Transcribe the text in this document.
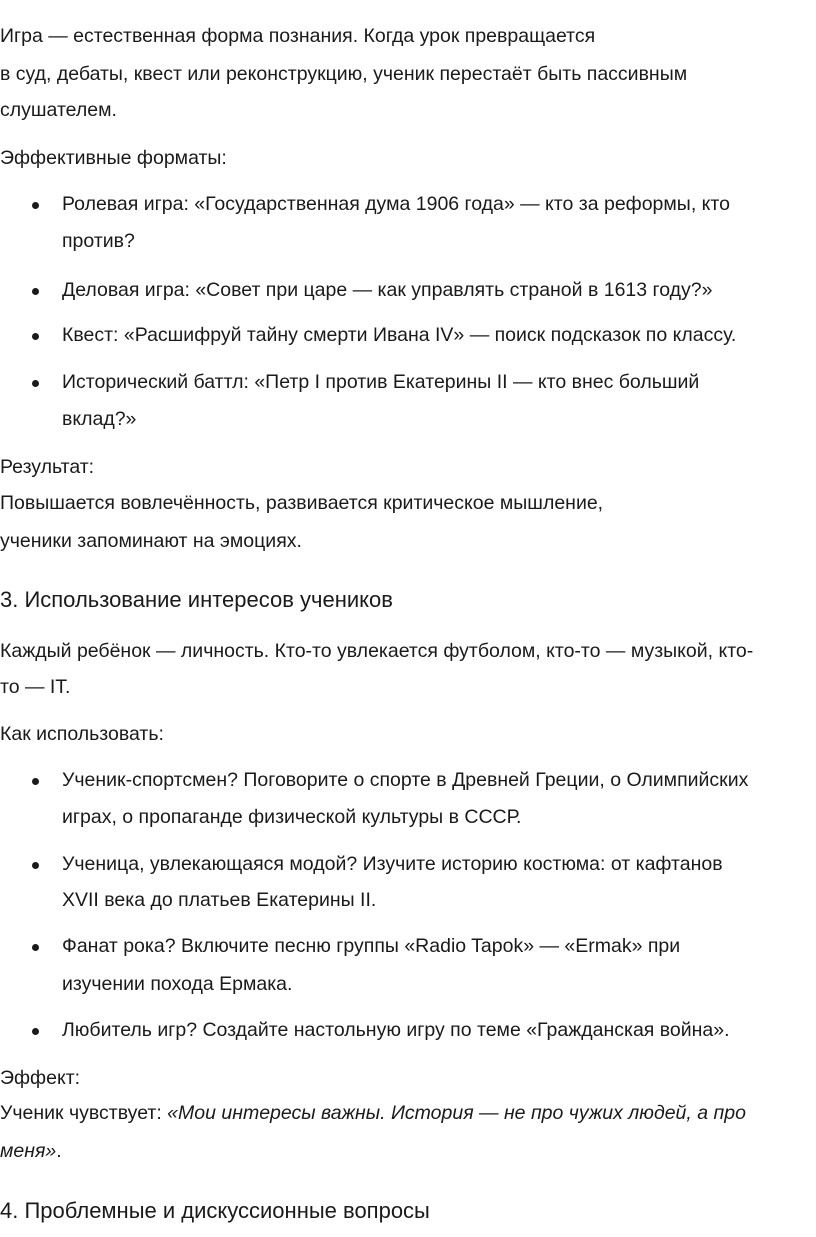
Игра — естественная форма познания. Когда урок превращается
в суд, дебаты, квест или реконструкцию, ученик перестаёт быть пассивным
слушателем.
Эффективные форматы:
Ролевая игра: «Государственная дума 1906 года» — кто за реформы, кто
против?
Деловая игра: «Совет при царе — как управлять страной в 1613 году?»
Квест: «Расшифруй тайну смерти Ивана IV» — поиск подсказок по классу.
Исторический баттл: «Петр I против Екатерины II — кто внес больший
вклад?»
Результат:
Повышается вовлечённость, развивается критическое мышление,
ученики запоминают на эмоциях.
3. Использование интересов учеников
Каждый ребёнок — личность. Кто-то увлекается футболом, кто-то — музыкой, кто-
то — IT.
Как использовать:
Ученик-спортсмен? Поговорите о спорте в Древней Греции, о Олимпийских
играх, о пропаганде физической культуры в СССР.
Ученица, увлекающаяся модой? Изучите историю костюма: от кафтанов
XVII века до платьев Екатерины II.
Фанат рока? Включите песню группы «Radio Tapok» — «Ermak» при
изучении похода Ермака.
Любитель игр? Создайте настольную игру по теме «Гражданская война».
Эффект:
Ученик чувствует: «Мои интересы важны. История — не про чужих людей, а про
меня».
4. Проблемные и дискуссионные вопросы
